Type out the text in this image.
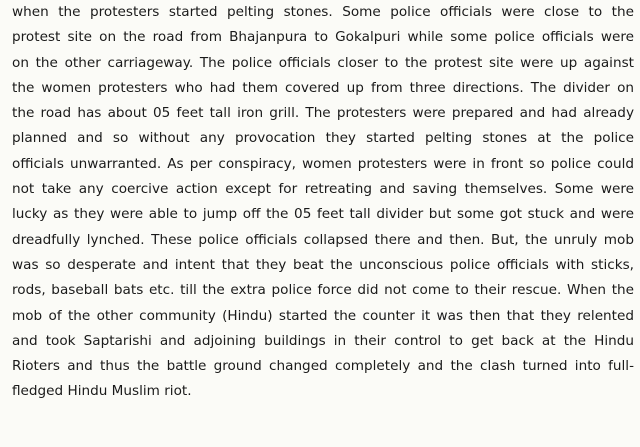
when the protesters started pelting stones. Some police officials were close to the
protest site on the road from Bhajanpura to Gokalpuri while some police officials were
on the other carriageway. The police officials closer to the protest site were up against
the women protesters who had them covered up from three directions. The divider on
the road has about 05 feet tall iron grill. The protesters were prepared and had already
planned and so without any provocation they started pelting stones at the police
officials unwarranted. As per conspiracy, women protesters were in front so police could
not take any coercive action except for retreating and saving themselves. Some were
lucky as they were able to jump off the 05 feet tall divider but some got stuck and were
dreadfully lynched. These police officials collapsed there and then. But, the unruly mob
was so desperate and intent that they beat the unconscious police officials with sticks,
rods, baseball bats etc. till the extra police force did not come to their rescue. When the
mob of the other community (Hindu) started the counter it was then that they relented
and took Saptarishi and adjoining buildings in their control to get back at the Hindu
Rioters and thus the battle ground changed completely and the clash turned into full-
fledged Hindu Muslim riot.
